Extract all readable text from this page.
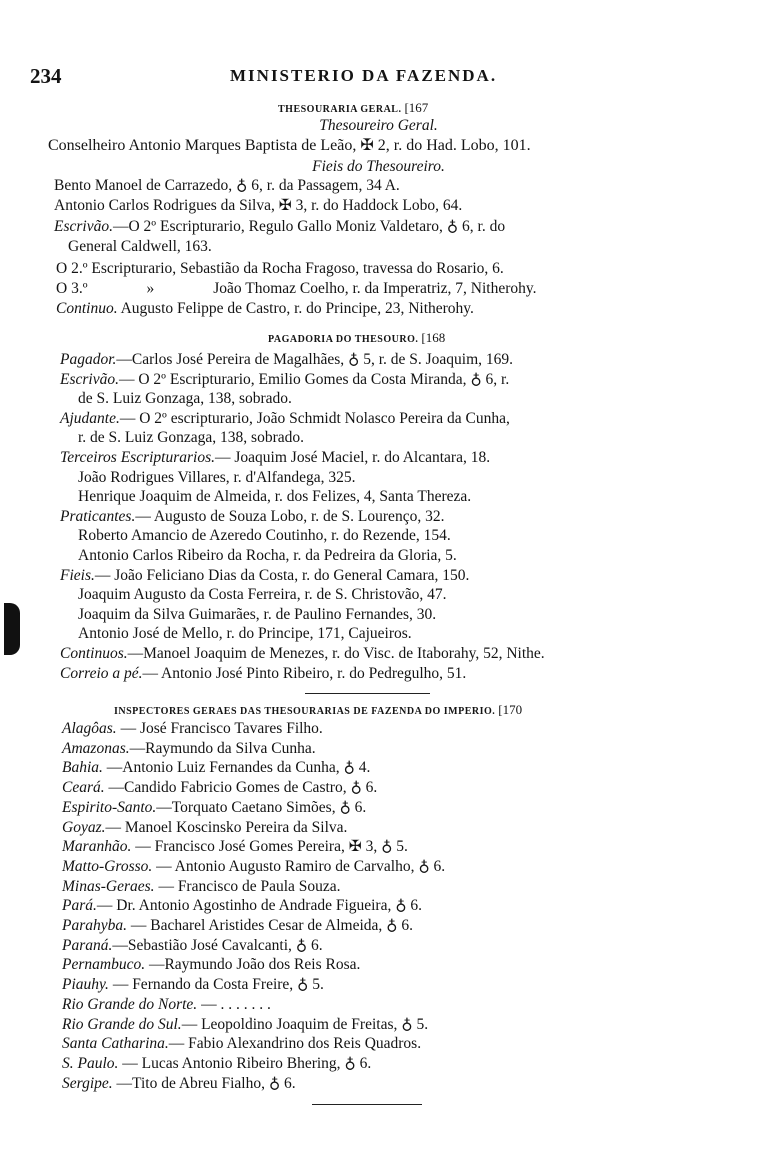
234	MINISTERIO DA FAZENDA.
THESOURARIA GERAL. [167
Thesoureiro Geral.
Conselheiro Antonio Marques Baptista de Leão, ✠ 2, r. do Had. Lobo, 101.
Fieis do Thesoureiro.
Bento Manoel de Carrazedo, ♁ 6, r. da Passagem, 34 A.
Antonio Carlos Rodrigues da Silva, ✠ 3, r. do Haddock Lobo, 64.
Escrivão.—O 2º Escripturario, Regulo Gallo Moniz Valdetaro, ♁ 6, r. do
General Caldwell, 163.
O 2.º Escripturario, Sebastião da Rocha Fragoso, travessa do Rosario, 6.
O 3.º	»	João Thomaz Coelho, r. da Imperatriz, 7, Nitherohy.
Continuo. Augusto Felippe de Castro, r. do Principe, 23, Nitherohy.
PAGADORIA DO THESOURO. [168
Pagador.—Carlos José Pereira de Magalhães, ♁ 5, r. de S. Joaquim, 169.
Escrivão.— O 2º Escripturario, Emilio Gomes da Costa Miranda, ♁ 6, r.
de S. Luiz Gonzaga, 138, sobrado.
Ajudante.— O 2º escripturario, João Schmidt Nolasco Pereira da Cunha,
r. de S. Luiz Gonzaga, 138, sobrado.
Terceiros Escripturarios.— Joaquim José Maciel, r. do Alcantara, 18.
João Rodrigues Villares, r. d'Alfandega, 325.
Henrique Joaquim de Almeida, r. dos Felizes, 4, Santa Thereza.
Praticantes.— Augusto de Souza Lobo, r. de S. Lourenço, 32.
Roberto Amancio de Azeredo Coutinho, r. do Rezende, 154.
Antonio Carlos Ribeiro da Rocha, r. da Pedreira da Gloria, 5.
Fieis.— João Feliciano Dias da Costa, r. do General Camara, 150.
Joaquim Augusto da Costa Ferreira, r. de S. Christovão, 47.
Joaquim da Silva Guimarães, r. de Paulino Fernandes, 30.
Antonio José de Mello, r. do Principe, 171, Cajueiros.
Continuos.—Manoel Joaquim de Menezes, r. do Visc. de Itaborahy, 52, Nithe.
Correio a pé.— Antonio José Pinto Ribeiro, r. do Pedregulho, 51.
INSPECTORES GERAES DAS THESOURARIAS DE FAZENDA DO IMPERIO. [170
Alagôas. — José Francisco Tavares Filho.
Amazonas.—Raymundo da Silva Cunha.
Bahia. —Antonio Luiz Fernandes da Cunha, ♁ 4.
Ceará. —Candido Fabricio Gomes de Castro, ♁ 6.
Espirito-Santo.—Torquato Caetano Simões, ♁ 6.
Goyaz.— Manoel Koscinsko Pereira da Silva.
Maranhão. — Francisco José Gomes Pereira, ✠ 3, ♁ 5.
Matto-Grosso. — Antonio Augusto Ramiro de Carvalho, ♁ 6.
Minas-Geraes. — Francisco de Paula Souza.
Pará.— Dr. Antonio Agostinho de Andrade Figueira, ♁ 6.
Parahyba. — Bacharel Aristides Cesar de Almeida, ♁ 6.
Paraná.—Sebastião José Cavalcanti, ♁ 6.
Pernambuco. —Raymundo João dos Reis Rosa.
Piauhy. — Fernando da Costa Freire, ♁ 5.
Rio Grande do Norte. — . . . . . . .
Rio Grande do Sul.— Leopoldino Joaquim de Freitas, ♁ 5.
Santa Catharina.— Fabio Alexandrino dos Reis Quadros.
S. Paulo. — Lucas Antonio Ribeiro Bhering, ♁ 6.
Sergipe. —Tito de Abreu Fialho, ♁ 6.
